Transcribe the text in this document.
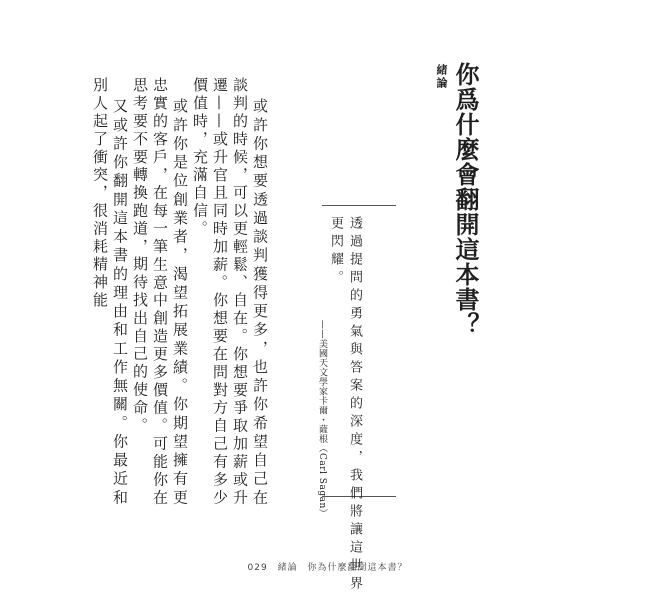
緒論 你爲什麼會翻開這本書？
透過提問的勇氣與答案的深度，我們將讓這世界
更閃耀。
——美國天文學家卡爾・薩根（Carl Sagan）

或許你想要透過談判獲得更多，也許你希望自己在談判的時候，可以更輕鬆、自在。你想要爭取加薪或升遷——或升官且同時加薪。你想要在問對方自己有多少價值時，充滿自信。

或許你是位創業者，渴望拓展業績。你期望擁有更忠實的客戶，在每一筆生意中創造更多價值。可能你在思考要不要轉換跑道，期待找出自己的使命。

又或許你翻開這本書的理由和工作無關。你最近和別人起了衝突，很消耗精神能

029 緒論 你為什麼翻開這本書？
